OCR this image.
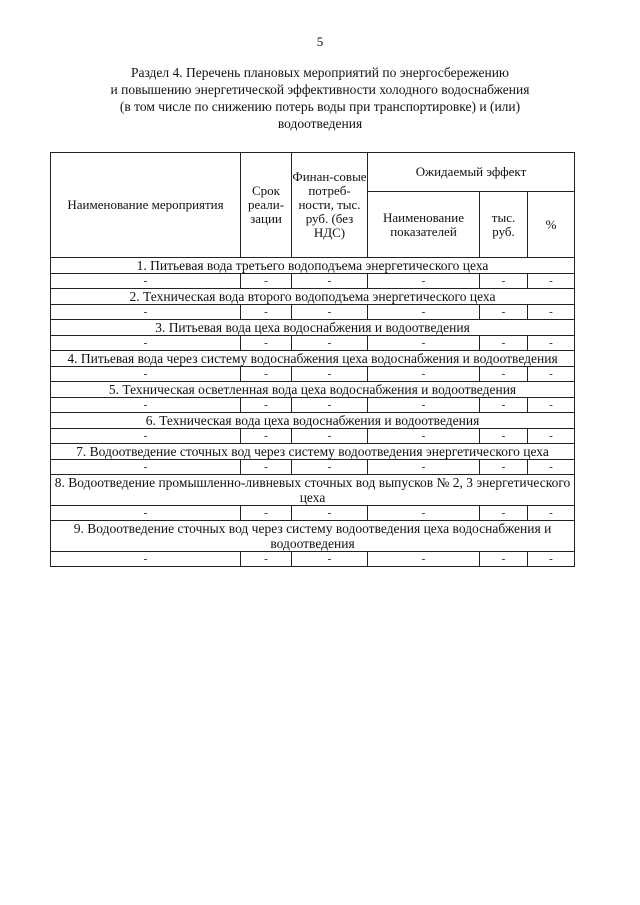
5
Раздел 4. Перечень плановых мероприятий по энергосбережению
и повышению энергетической эффективности холодного водоснабжения
(в том числе по снижению потерь воды при транспортировке) и (или)
водоотведения
Наименование мероприятия	Срок реали-зации	Финан-совые потреб-ности, тыс. руб. (без НДС)	Ожидаемый эффект		
			Наименование показателей	тыс. руб.	%
1. Питьевая вода третьего водоподъема энергетического цеха					
-	-	-	-	-	-
2. Техническая вода второго водоподъема энергетического цеха					
-	-	-	-	-	-
3. Питьевая вода цеха водоснабжения и водоотведения					
-	-	-	-	-	-
4. Питьевая вода через систему водоснабжения цеха водоснабжения и водоотведения					
-	-	-	-	-	-
5. Техническая осветленная вода цеха водоснабжения и водоотведения					
-	-	-	-	-	-
6. Техническая вода цеха водоснабжения и водоотведения					
-	-	-	-	-	-
7. Водоотведение сточных вод через систему водоотведения энергетического цеха					
-	-	-	-	-	-
8. Водоотведение промышленно-ливневых сточных вод выпусков № 2, 3 энергетического цеха					
-	-	-	-	-	-
9. Водоотведение сточных вод через систему водоотведения цеха водоснабжения и водоотведения					
-	-	-	-	-	-
